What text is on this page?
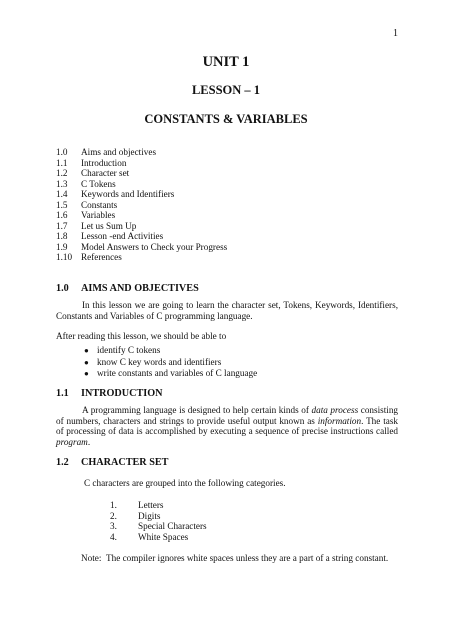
1
UNIT 1
LESSON – 1
CONSTANTS & VARIABLES
1.0	Aims and objectives
1.1	Introduction
1.2	Character set
1.3	C Tokens
1.4	Keywords and Identifiers
1.5	Constants
1.6	Variables
1.7	Let us Sum Up
1.8	Lesson -end Activities
1.9	Model Answers to Check your Progress
1.10 References
1.0 AIMS AND OBJECTIVES
In this lesson we are going to learn the character set, Tokens, Keywords, Identifiers, Constants and Variables of C programming language.
After reading this lesson, we should be able to
● identify C tokens
● know C key words and identifiers
● write constants and variables of C language
1.1 INTRODUCTION
A programming language is designed to help certain kinds of data process consisting of numbers, characters and strings to provide useful output known as information. The task of processing of data is accomplished by executing a sequence of precise instructions called program.
1.2 CHARACTER SET
C characters are grouped into the following categories.
1.	Letters
2.	Digits
3.	Special Characters
4.	White Spaces
Note: The compiler ignores white spaces unless they are a part of a string constant.
